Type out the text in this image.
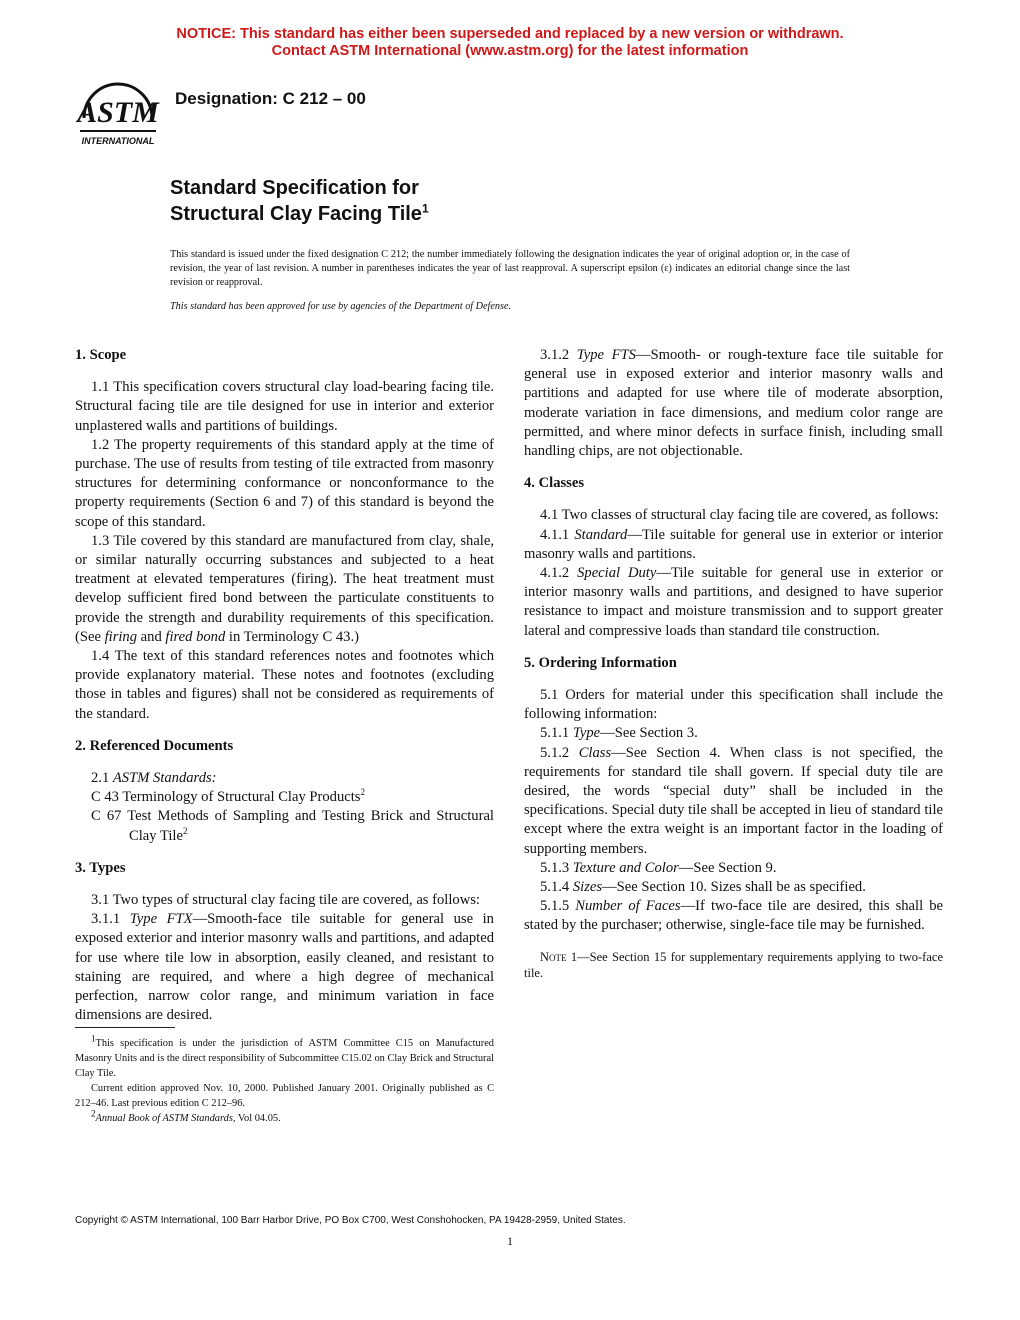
NOTICE: This standard has either been superseded and replaced by a new version or withdrawn.
Contact ASTM International (www.astm.org) for the latest information
ASTM
INTERNATIONAL
Designation: C 212 – 00
Standard Specification for
Structural Clay Facing Tile$^1$
This standard is issued under the fixed designation C 212; the number immediately following the designation indicates the year of original adoption or, in the case of revision, the year of last revision. A number in parentheses indicates the year of last reapproval. A superscript epsilon (ε) indicates an editorial change since the last revision or reapproval.
This standard has been approved for use by agencies of the Department of Defense.
1. Scope

1.1 This specification covers structural clay load-bearing facing tile. Structural facing tile are tile designed for use in interior and exterior unplastered walls and partitions of buildings.

1.2 The property requirements of this standard apply at the time of purchase. The use of results from testing of tile extracted from masonry structures for determining conformance or nonconformance to the property requirements (Section 6 and 7) of this standard is beyond the scope of this standard.

1.3 Tile covered by this standard are manufactured from clay, shale, or similar naturally occurring substances and subjected to a heat treatment at elevated temperatures (firing). The heat treatment must develop sufficient fired bond between the particulate constituents to provide the strength and durability requirements of this specification. (See firing and fired bond in Terminology C 43.)

1.4 The text of this standard references notes and footnotes which provide explanatory material. These notes and footnotes (excluding those in tables and figures) shall not be considered as requirements of the standard.

2. Referenced Documents

2.1 ASTM Standards:

C 43 Terminology of Structural Clay Products$^2$

C 67 Test Methods of Sampling and Testing Brick and Structural Clay Tile$^2$

3. Types

3.1 Two types of structural clay facing tile are covered, as follows:

3.1.1 Type FTX—Smooth-face tile suitable for general use in exposed exterior and interior masonry walls and partitions, and adapted for use where tile low in absorption, easily cleaned, and resistant to staining are required, and where a high degree of mechanical perfection, narrow color range, and minimum variation in face dimensions are desired.

3.1.2 Type FTS—Smooth- or rough-texture face tile suitable for general use in exposed exterior and interior masonry walls and partitions and adapted for use where tile of moderate absorption, moderate variation in face dimensions, and medium color range are permitted, and where minor defects in surface finish, including small handling chips, are not objectionable.

4. Classes

4.1 Two classes of structural clay facing tile are covered, as follows:

4.1.1 Standard—Tile suitable for general use in exterior or interior masonry walls and partitions.

4.1.2 Special Duty—Tile suitable for general use in exterior or interior masonry walls and partitions, and designed to have superior resistance to impact and moisture transmission and to support greater lateral and compressive loads than standard tile construction.

5. Ordering Information

5.1 Orders for material under this specification shall include the following information:

5.1.1 Type—See Section 3.

5.1.2 Class—See Section 4. When class is not specified, the requirements for standard tile shall govern. If special duty tile are desired, the words “special duty” shall be included in the specifications. Special duty tile shall be accepted in lieu of standard tile except where the extra weight is an important factor in the loading of supporting members.

5.1.3 Texture and Color—See Section 9.

5.1.4 Sizes—See Section 10. Sizes shall be as specified.

5.1.5 Number of Faces—If two-face tile are desired, this shall be stated by the purchaser; otherwise, single-face tile may be furnished.

Note 1—See Section 15 for supplementary requirements applying to two-face tile.

$^1$This specification is under the jurisdiction of ASTM Committee C15 on Manufactured Masonry Units and is the direct responsibility of Subcommittee C15.02 on Clay Brick and Structural Clay Tile.

Current edition approved Nov. 10, 2000. Published January 2001. Originally published as C 212–46. Last previous edition C 212–96.

$^2$Annual Book of ASTM Standards, Vol 04.05.

Copyright © ASTM International, 100 Barr Harbor Drive, PO Box C700, West Conshohocken, PA 19428-2959, United States.
1
